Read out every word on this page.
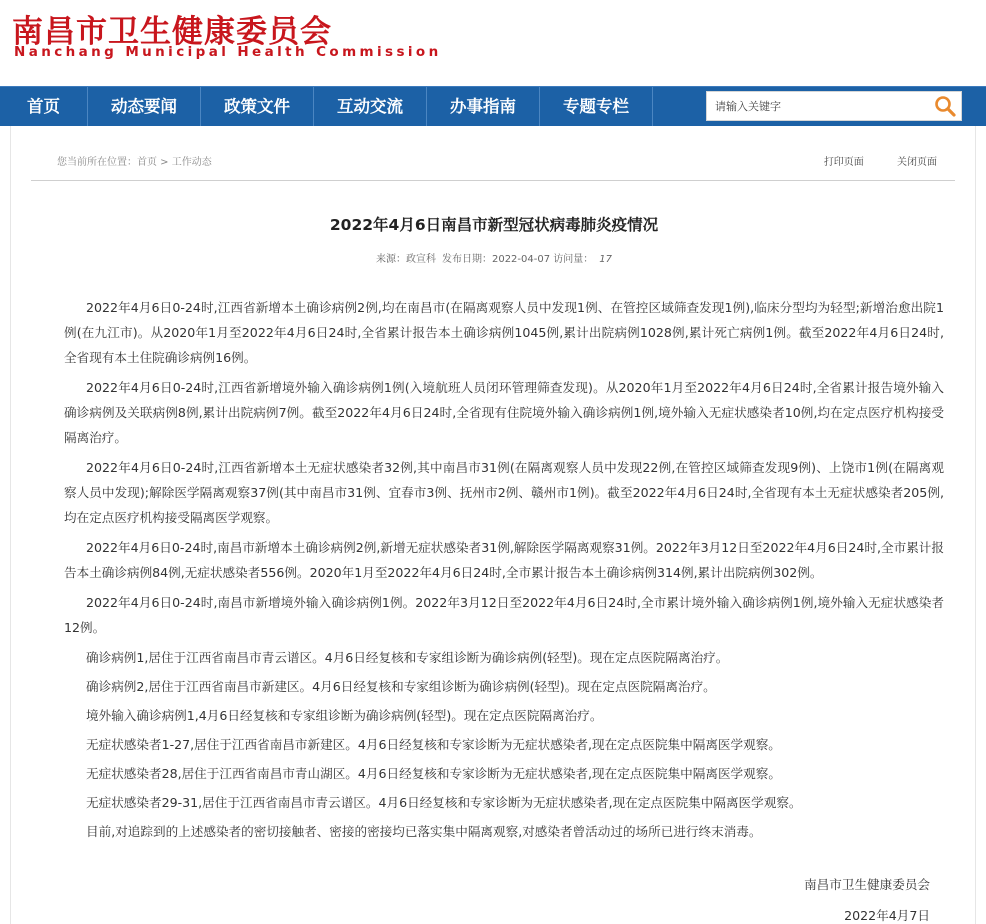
南昌市卫生健康委员会
Nanchang Municipal Health Commission
首页	动态要闻	政策文件	互动交流	办事指南	专题专栏
请输入关键字
您当前所在位置：首页 > 工作动态	打印页面	关闭页面
2022年4月6日南昌市新型冠状病毒肺炎疫情况
来源：政宣科 发布日期：2022-04-07 访问量： 17

2022年4月6日0-24时,江西省新增本土确诊病例2例,均在南昌市(在隔离观察人员中发现1例、在管控区域筛查发现1例),临床分型均为轻型;新增治愈出院1例(在九江市)。从2020年1月至2022年4月6日24时,全省累计报告本土确诊病例1045例,累计出院病例1028例,累计死亡病例1例。截至2022年4月6日24时,全省现有本土住院确诊病例16例。

2022年4月6日0-24时,江西省新增境外输入确诊病例1例(入境航班人员闭环管理筛查发现)。从2020年1月至2022年4月6日24时,全省累计报告境外输入确诊病例及关联病例8例,累计出院病例7例。截至2022年4月6日24时,全省现有住院境外输入确诊病例1例,境外输入无症状感染者10例,均在定点医疗机构接受隔离治疗。

2022年4月6日0-24时,江西省新增本土无症状感染者32例,其中南昌市31例(在隔离观察人员中发现22例,在管控区域筛查发现9例)、上饶市1例(在隔离观察人员中发现);解除医学隔离观察37例(其中南昌市31例、宜春市3例、抚州市2例、赣州市1例)。截至2022年4月6日24时,全省现有本土无症状感染者205例,均在定点医疗机构接受隔离医学观察。

2022年4月6日0-24时,南昌市新增本土确诊病例2例,新增无症状感染者31例,解除医学隔离观察31例。2022年3月12日至2022年4月6日24时,全市累计报告本土确诊病例84例,无症状感染者556例。2020年1月至2022年4月6日24时,全市累计报告本土确诊病例314例,累计出院病例302例。

2022年4月6日0-24时,南昌市新增境外输入确诊病例1例。2022年3月12日至2022年4月6日24时,全市累计境外输入确诊病例1例,境外输入无症状感染者12例。

确诊病例1,居住于江西省南昌市青云谱区。4月6日经复核和专家组诊断为确诊病例(轻型)。现在定点医院隔离治疗。

确诊病例2,居住于江西省南昌市新建区。4月6日经复核和专家组诊断为确诊病例(轻型)。现在定点医院隔离治疗。

境外输入确诊病例1,4月6日经复核和专家组诊断为确诊病例(轻型)。现在定点医院隔离治疗。

无症状感染者1-27,居住于江西省南昌市新建区。4月6日经复核和专家诊断为无症状感染者,现在定点医院集中隔离医学观察。

无症状感染者28,居住于江西省南昌市青山湖区。4月6日经复核和专家诊断为无症状感染者,现在定点医院集中隔离医学观察。

无症状感染者29-31,居住于江西省南昌市青云谱区。4月6日经复核和专家诊断为无症状感染者,现在定点医院集中隔离医学观察。

目前,对追踪到的上述感染者的密切接触者、密接的密接均已落实集中隔离观察,对感染者曾活动过的场所已进行终末消毒。

南昌市卫生健康委员会
2022年4月7日
